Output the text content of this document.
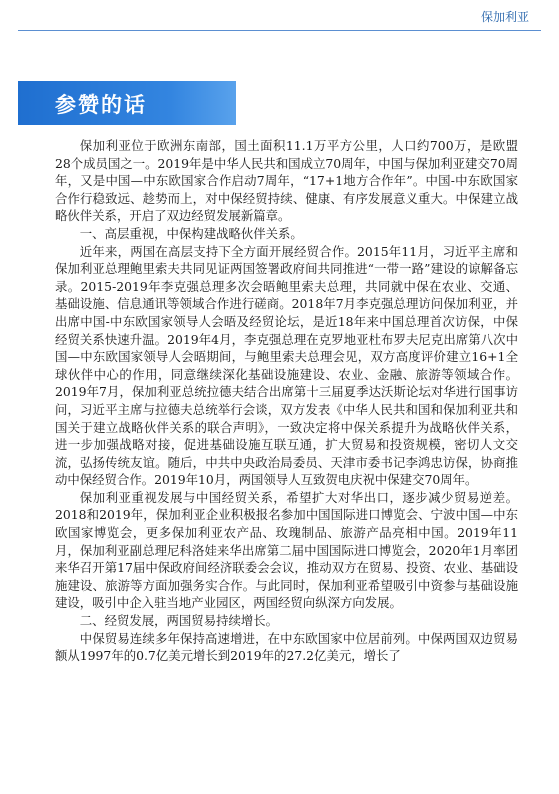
保加利亚
参赞的话

保加利亚位于欧洲东南部，国土面积11.1万平方公里，人口约700万，是欧盟28个成员国之一。2019年是中华人民共和国成立70周年，中国与保加利亚建交70周年，又是中国—中东欧国家合作启动7周年，“17+1地方合作年”。中国-中东欧国家合作行稳致远、趁势而上，对中保经贸持续、健康、有序发展意义重大。中保建立战略伙伴关系，开启了双边经贸发展新篇章。

一、高层重视，中保构建战略伙伴关系。

近年来，两国在高层支持下全方面开展经贸合作。2015年11月，习近平主席和保加利亚总理鲍里索夫共同见证两国签署政府间共同推进“一带一路”建设的谅解备忘录。2015-2019年李克强总理多次会晤鲍里索夫总理，共同就中保在农业、交通、基础设施、信息通讯等领域合作进行磋商。2018年7月李克强总理访问保加利亚，并出席中国-中东欧国家领导人会晤及经贸论坛，是近18年来中国总理首次访保，中保经贸关系快速升温。2019年4月，李克强总理在克罗地亚杜布罗夫尼克出席第八次中国—中东欧国家领导人会晤期间，与鲍里索夫总理会见，双方高度评价建立16+1全球伙伴中心的作用，同意继续深化基础设施建设、农业、金融、旅游等领域合作。2019年7月，保加利亚总统拉德夫结合出席第十三届夏季达沃斯论坛对华进行国事访问，习近平主席与拉德夫总统举行会谈，双方发表《中华人民共和国和保加利亚共和国关于建立战略伙伴关系的联合声明》，一致决定将中保关系提升为战略伙伴关系，进一步加强战略对接，促进基础设施互联互通，扩大贸易和投资规模，密切人文交流，弘扬传统友谊。随后，中共中央政治局委员、天津市委书记李鸿忠访保，协商推动中保经贸合作。2019年10月，两国领导人互致贺电庆祝中保建交70周年。

保加利亚重视发展与中国经贸关系，希望扩大对华出口，逐步减少贸易逆差。2018和2019年，保加利亚企业积极报名参加中国国际进口博览会、宁波中国—中东欧国家博览会，更多保加利亚农产品、玫瑰制品、旅游产品亮相中国。2019年11月，保加利亚副总理尼科洛娃来华出席第二届中国国际进口博览会，2020年1月率团来华召开第17届中保政府间经济联委会会议，推动双方在贸易、投资、农业、基础设施建设、旅游等方面加强务实合作。与此同时，保加利亚希望吸引中资参与基础设施建设，吸引中企入驻当地产业园区，两国经贸向纵深方向发展。

二、经贸发展，两国贸易持续增长。

中保贸易连续多年保持高速增进，在中东欧国家中位居前列。中保两国双边贸易额从1997年的0.7亿美元增长到2019年的27.2亿美元，增长了
